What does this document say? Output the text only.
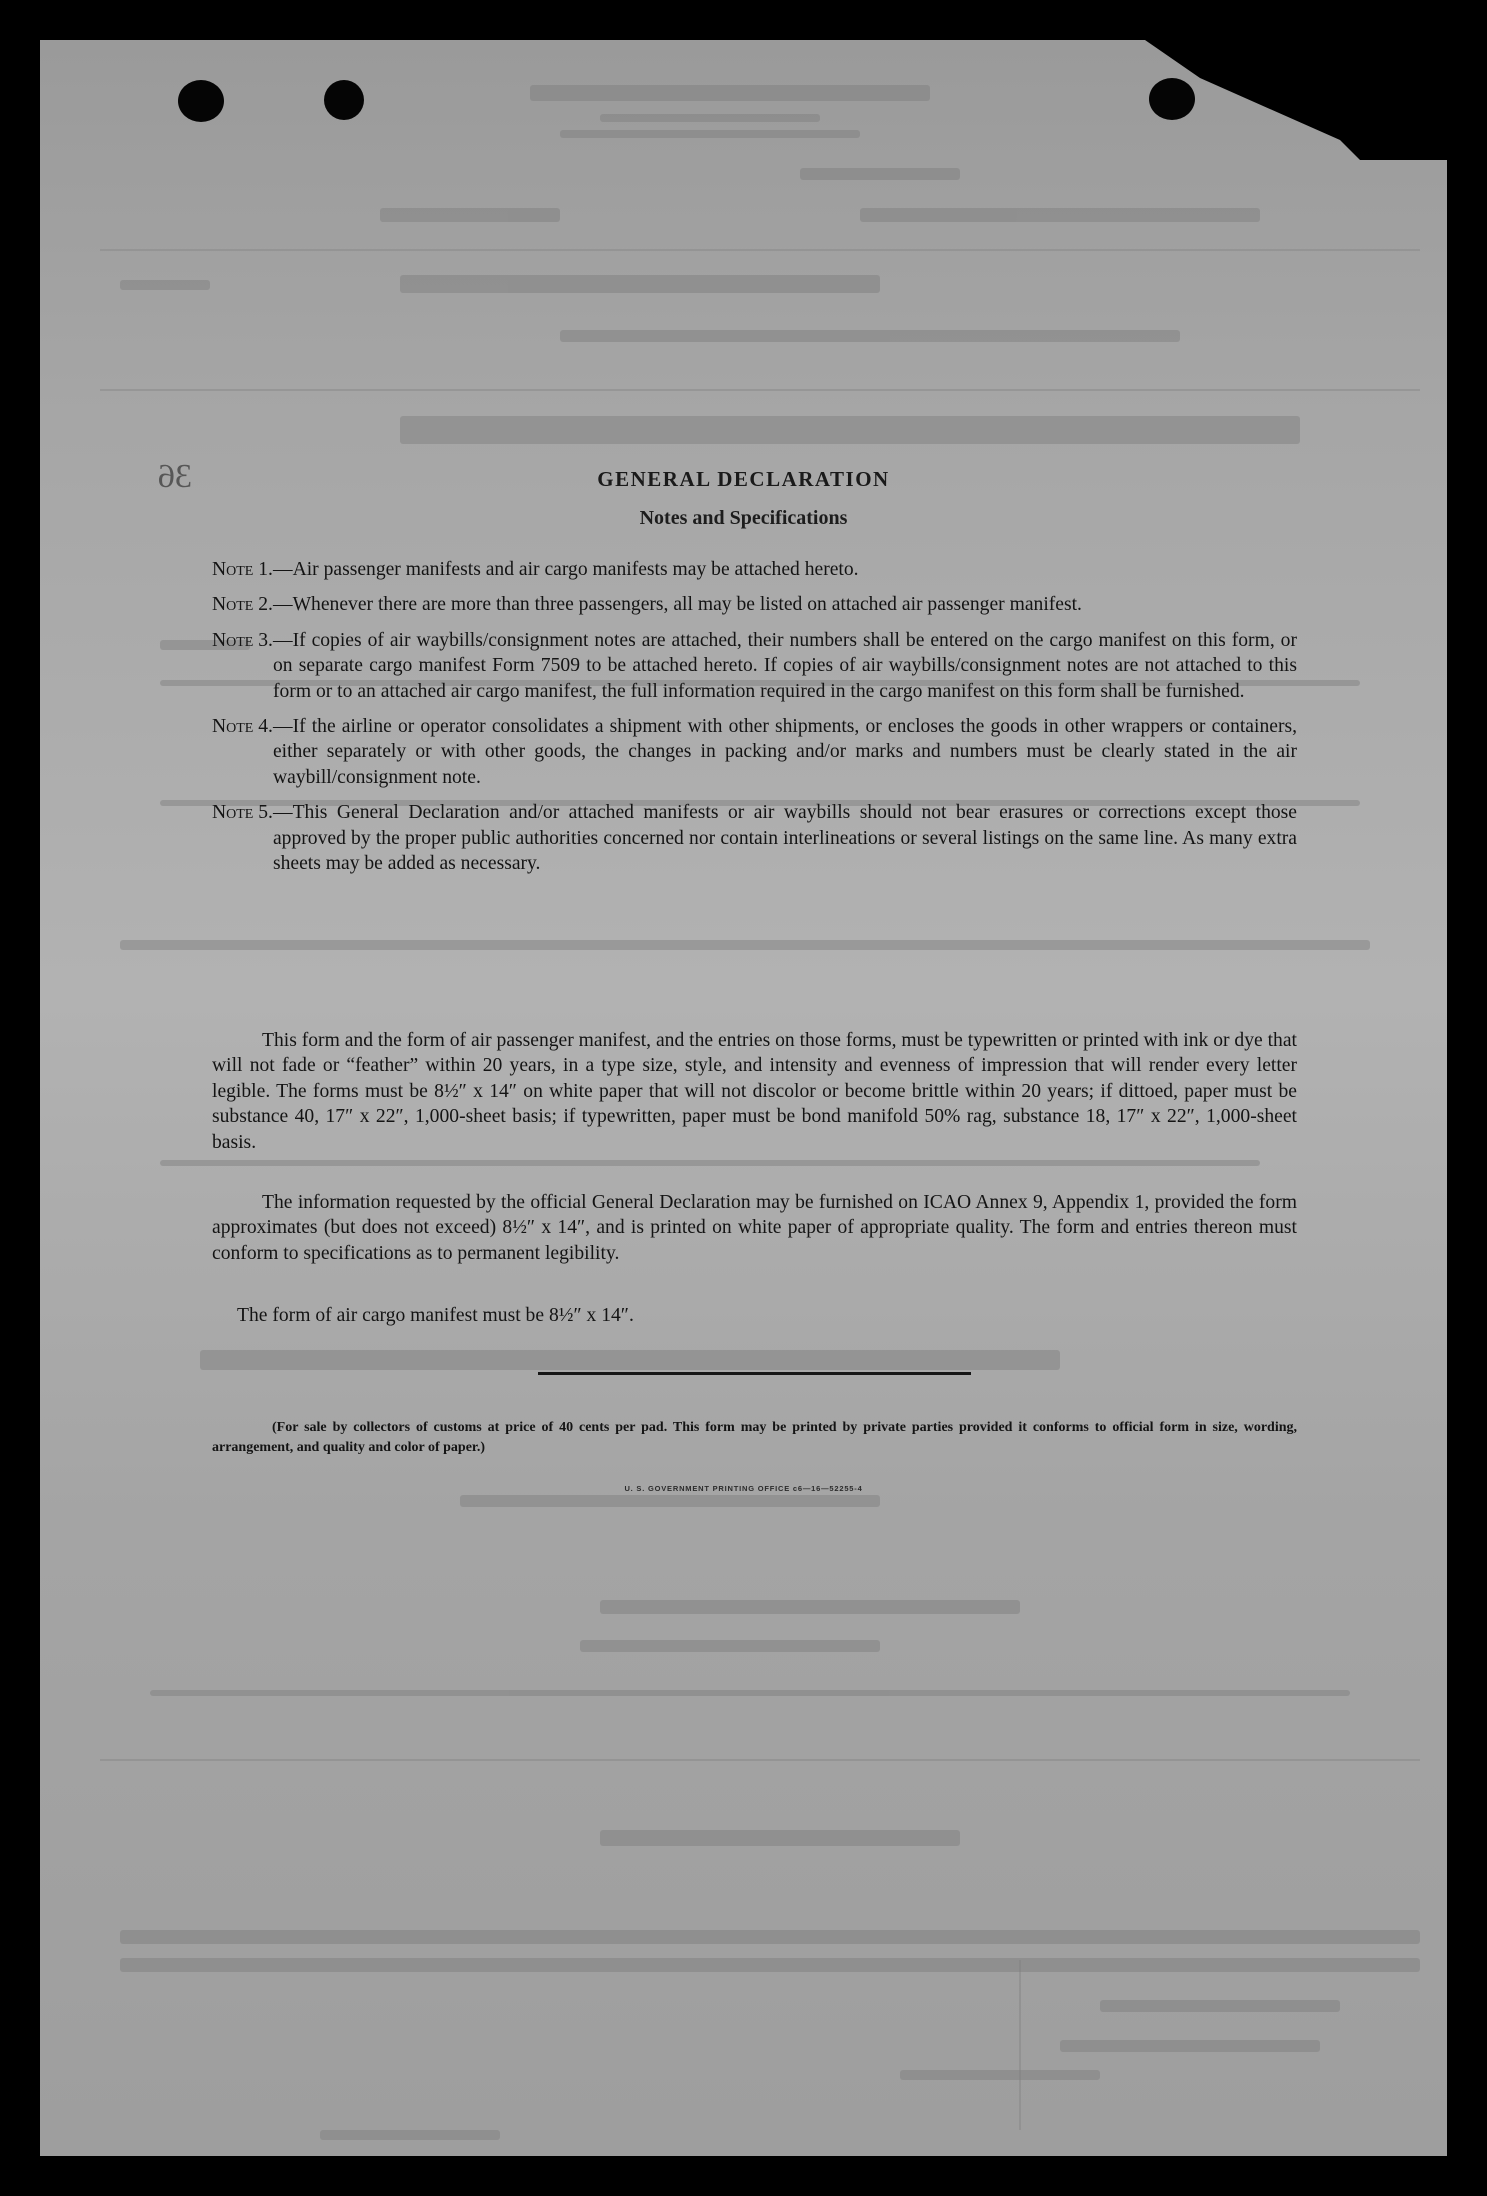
36	GENERAL DECLARATION
Notes and Specifications
Note 1. —Air passenger manifests and air cargo manifests may be attached hereto.
Note 2. —Whenever there are more than three passengers, all may be listed on attached air passenger manifest.
Note 3. —If copies of air waybills/consignment notes are attached, their numbers shall be entered on the cargo manifest on this form, or on separate cargo manifest Form 7509 to be attached hereto. If copies of air waybills/consignment notes are not attached to this form or to an attached air cargo manifest, the full information required in the cargo manifest on this form shall be furnished.
Note 4. —If the airline or operator consolidates a shipment with other shipments, or encloses the goods in other wrappers or containers, either separately or with other goods, the changes in packing and/or marks and numbers must be clearly stated in the air waybill/consignment note.
Note 5. —This General Declaration and/or attached manifests or air waybills should not bear erasures or corrections except those approved by the proper public authorities concerned nor contain interlineations or several listings on the same line. As many extra sheets may be added as necessary.
This form and the form of air passenger manifest, and the entries on those forms, must be typewritten or printed with ink or dye that will not fade or “feather” within 20 years, in a type size, style, and intensity and evenness of impression that will render every letter legible. The forms must be 8½″ x 14″ on white paper that will not discolor or become brittle within 20 years; if dittoed, paper must be substance 40, 17″ x 22″, 1,000-sheet basis; if typewritten, paper must be bond manifold 50% rag, substance 18, 17″ x 22″, 1,000-sheet basis.
The information requested by the official General Declaration may be furnished on ICAO Annex 9, Appendix 1, provided the form approximates (but does not exceed) 8½″ x 14″, and is printed on white paper of appropriate quality. The form and entries thereon must conform to specifications as to permanent legibility.
The form of air cargo manifest must be 8½″ x 14″.
(For sale by collectors of customs at price of 40 cents per pad. This form may be printed by private parties provided it conforms to official form in size, wording, arrangement, and quality and color of paper.)
U. S. GOVERNMENT PRINTING OFFICE c6—16—52255-4
